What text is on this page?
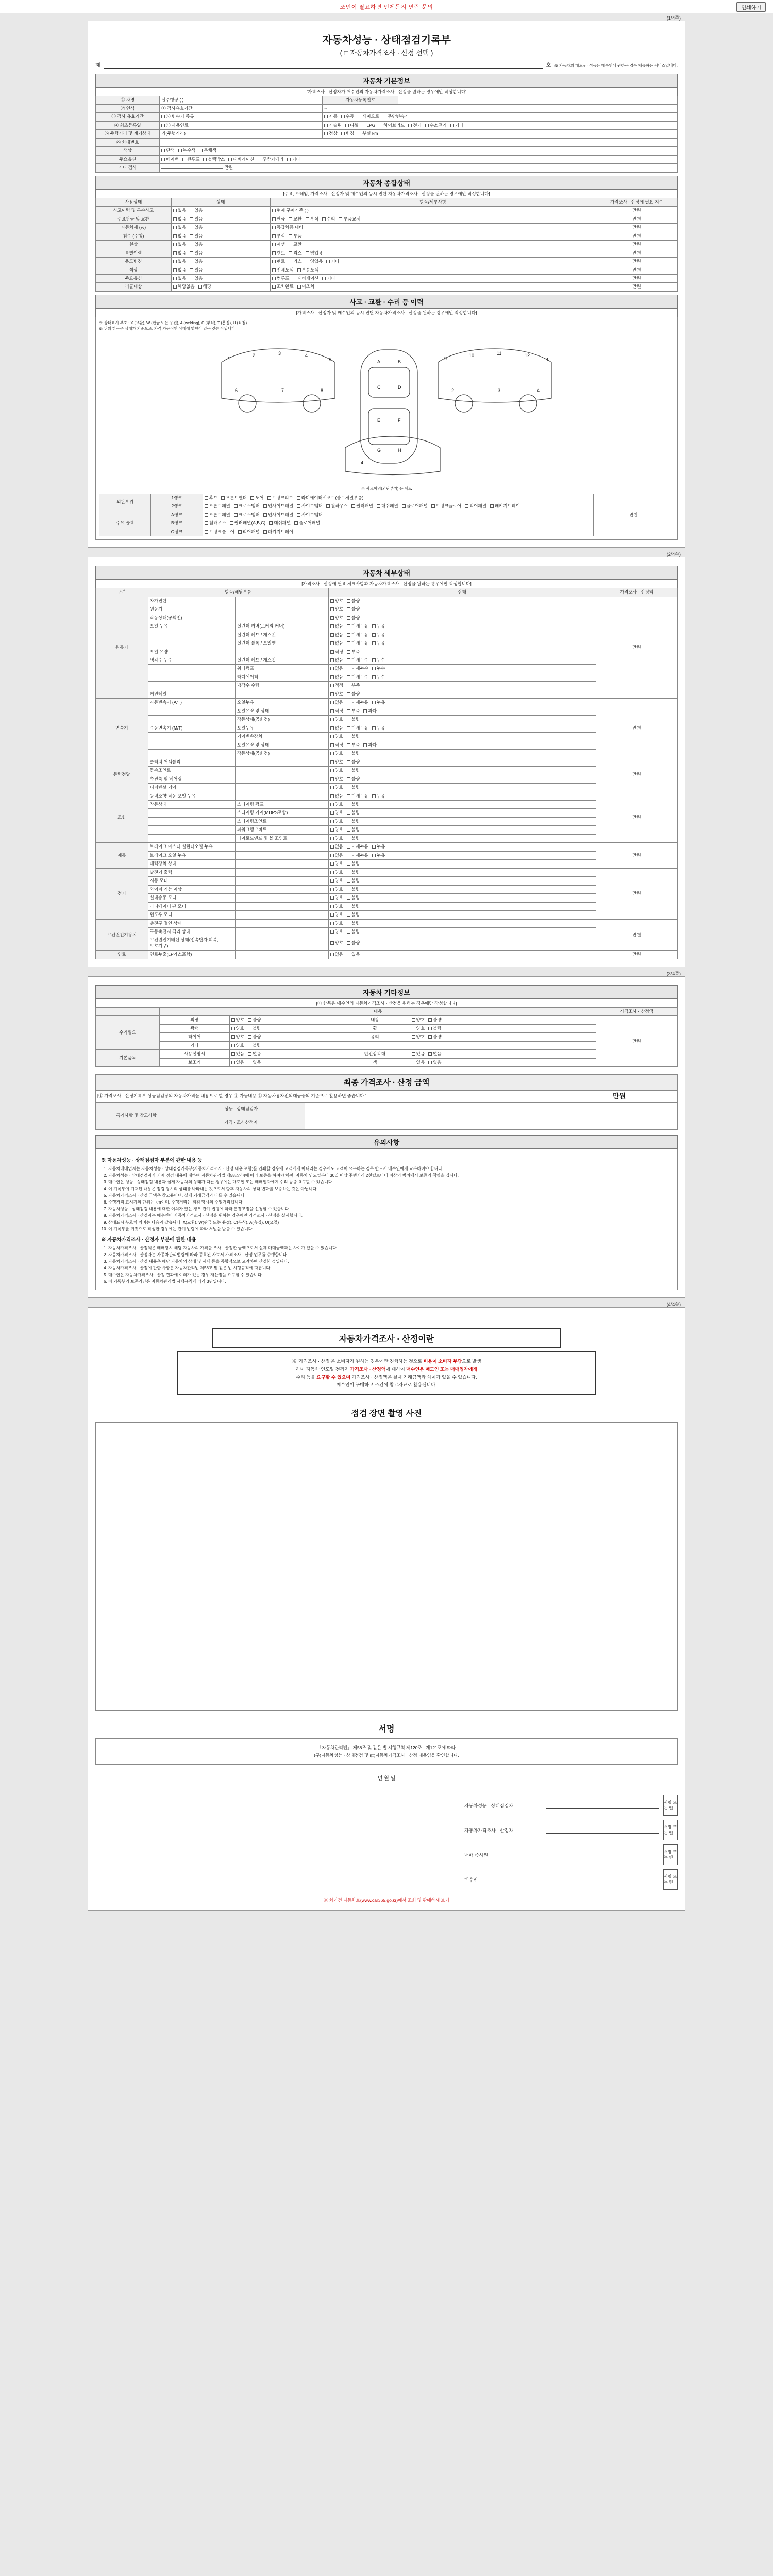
조언이 필요하면 언제든지 연락 문의	인쇄하기
(1/4쪽)
자동차성능 · 상태점검기록부
( □ 자동차가격조사 · 산정 선택 )
제	호 ※ 자동차의 매도le · 성능은 매수인에 원하는 경우 제공하는 서비스입니다.
자동차 기본정보
[가격조사 · 산정자가 매수인의 자동차가격조사 · 산정을 원하는 경우에만 작성합니다]
① 차명	실주행량 ( )	자동차등록번호	
② 연식	① 검사유효기간	~	
③ 검사 유효기간	② 변속기 종류	자동 수동 세미오토 무단변속기	
④ 최초등록일	③ 사용연료	가솔린 디젤 LPG 하이브리드 전기 수소전기 기타	
⑤ 주행거리 및 계기상태	리(주행거리)	정상 변경 부실 km	
⑥ 차대번호			
색상	단색 복수색 무채색		
주요옵션	에어백 썬루프 블랙박스 내비게이션 후방카메라 기타		
기타 검사	만원		
자동차 종합상태
[주요, 프레임, 가격조사 · 산정자 및 매수인의 동시 진단 자동차가격조사 · 산정을 원하는 경우에만 작성합니다]
사용상태	상태	항목/세부사항	가격조사 · 산정에 필요 지수
사고이력 및 특수사고	없음 있음	현재 구매기준 ( )	만원
주요판금 및 교환	없음 있음	판금 교환 부식 수리 부품교체	만원
자동차세 (%)	없음 있음	동급차종 대비	만원
침수 (주행)	없음 있음	부식 부품	만원
현상	없음 있음	재생 교환	만원
특별이력	없음 있음	렌트 리스 영업용	만원
용도변경	없음 있음	렌트 리스 영업용 기타	만원
색상	없음 있음	전체도색 부분도색	만원
주요옵션	없음 있음	썬루프 내비게이션 기타	만원
리콜대상	해당없음 해당	조치완료 미조치	만원
사고 · 교환 · 수리 등 이력
[가격조사 · 산정자 및 매수인의 동시 진단 자동차가격조사 · 산정을 원하는 경우에만 작성합니다]
※ 상태표시 부호 : X (교환), W (판금 또는 용접), A (welding), C (부식), T (흠집), U (요철)
※ 위의 항목은 상태가 기준으로, 가격 가능적인 상태에 영향이 있는 것은 아닙니다.
1
2	3	4
5
6	7	8
A	B
C	D
E	F
G	H
9
10	11	12
1
2	3	4
4
※ 사고이력(외판부위) 등 체크
외판부위	1랭크	후드 프론트펜더 도어 트렁크리드 라디에이터서포트(볼트체결부품)	만원
	2랭크	프론트패널 크로스멤버 인사이드패널 사이드멤버 휠하우스 필러패널 대쉬패널 플로어패널 트렁크플로어 리어패널 패키지트레이	
주요 골격	A랭크	프론트패널 크로스멤버 인사이드패널 사이드멤버	
	B랭크	휠하우스 필러패널(A,B,C) 대쉬패널 플로어패널	
	C랭크	트렁크플로어 리어패널 패키지트레이	
(2/4쪽)
자동차 세부상태
[가격조사 · 산정에 필요 체크사항과 자동차가격조사 · 산정을 원하는 경우에만 작성합니다]
구분	항목/해당부품		상태	가격조사 · 산정액
원동기	자가진단		양호 불량	만원
	원동기		양호 불량	
	작동상태(공회전)		양호 불량	
	오일 누유	실린더 커버(로커암 커버)	없음 미세누유 누유	
		실린더 헤드 / 개스킷	없음 미세누유 누유	
		실린더 블록 / 오일팬	없음 미세누유 누유	
	오일 유량		적정 부족	
	냉각수 누수	실린더 헤드 / 개스킷	없음 미세누수 누수	
		워터펌프	없음 미세누수 누수	
		라디에이터	없음 미세누수 누수	
		냉각수 수량	적정 부족	
	커먼레일		양호 불량	
변속기	자동변속기 (A/T)	오일누유	없음 미세누유 누유	만원
		오일유량 및 상태	적정 부족 과다	
		작동상태(공회전)	양호 불량	
	수동변속기 (M/T)	오일누유	없음 미세누유 누유	
		기어변속장치	양호 불량	
		오일유량 및 상태	적정 부족 과다	
		작동상태(공회전)	양호 불량	
동력전달	클러치 어셈블리		양호 불량	만원
	등속조인트		양호 불량	
	추진축 및 베어링		양호 불량	
	디퍼렌셜 기어		양호 불량	
조향	동력조향 작동 오일 누유		없음 미세누유 누유	만원
	작동상태	스티어링 펌프	양호 불량	
		스티어링 기어(MDPS포함)	양호 불량	
		스티어링조인트	양호 불량	
		파워크랭크비트	양호 불량	
		타이로드엔드 및 볼 조인트	양호 불량	
제동	브레이크 마스터 실린더오일 누유		없음 미세누유 누유	만원
	브레이크 오일 누유		없음 미세누유 누유	
	배력장치 상태		양호 불량	
전기	발전기 출력		양호 불량	만원
	시동 모터		양호 불량	
	와이퍼 기능 이상		양호 불량	
	실내송풍 모터		양호 불량	
	라디에이터 팬 모터		양호 불량	
	윈도우 모터		양호 불량	
고전원전기장치	충전구 절연 상태		양호 불량	만원
	구동축전지 격리 상태		양호 불량	
	고전원전기배선 상태(접속단자,피복,보호기구)		양호 불량	
연료	연료누출(LP가스포함)		없음 있음	만원
(3/4쪽)
자동차 기타정보
[① 항목은 매수인의 자동차가격조사 · 산정을 원하는 경우에만 작성합니다]
	내용				가격조사 · 산정액
수리필요	외장	양호 불량	내장	양호 불량	만원
	광택	양호 불량	휠	양호 불량	
	타이어	양호 불량	유리	양호 불량	
	기타	양호 불량			
기본품목	사용설명서	있음 없음	안전삼각대	있음 없음	
	보조키	있음 없음	잭	있음 없음	
최종 가격조사 · 산정 금액
[① 가격조사 · 산정기록부 성능점검장의 자동차가격을 내용으로 할 경우 ① 가능내용 ① 자동차용자전의대금중의 기준으로 활용하면 좋습니다.]	만원
특기사항 및 참고사항	성능 · 상태점검자	
	가격 · 조사산정자	
유의사항
※ 자동차성능 · 상태점검자 부분에 관한 내용 등
1. 자동차매매업자는 자동차성능 · 상태점검기록부(자동차가격조사 · 산정 내용 포함)를 인쇄할 경우에 고객에게 아니라는 경우에도 고객이 요구하는 경우 반드시 매수인에게 교부하여야 합니다.
2. 자동차성능 · 상태점검자가 기재 점검 내용에 대하여 자동차관리법 제58조의4에 따라 보증을 하여야 하며, 자동차 인도일부터 30일 이상 주행거리 2천킬로미터 이상의 범위에서 보증의 책임을 집니다.
3. 매수인은 성능 · 상태점검 내용과 실제 자동차의 상태가 다른 경우에는 매도인 또는 매매업자에게 수리 등을 요구할 수 있습니다.
4. 이 기록부에 기재된 내용은 점검 당시의 상태를 나타내는 것으로서 향후 자동차의 상태 변화를 보증하는 것은 아닙니다.
5. 자동차가격조사 · 산정 금액은 참고용이며, 실제 거래금액과 다를 수 있습니다.
6. 주행거리 표시기의 단위는 km이며, 주행거리는 점검 당시의 주행거리입니다.
7. 자동차성능 · 상태점검 내용에 대한 이의가 있는 경우 관계 법령에 따라 분쟁조정을 신청할 수 있습니다.
8. 자동차가격조사 · 산정자는 매수인이 자동차가격조사 · 산정을 원하는 경우에만 가격조사 · 산정을 실시합니다.
9. 상태표시 부호의 의미는 다음과 같습니다. X(교환), W(판금 또는 용접), C(부식), A(흠집), U(요철)
10. 이 기록부를 거짓으로 작성한 경우에는 관계 법령에 따라 처벌을 받을 수 있습니다.
※ 자동차가격조사 · 산정자 부분에 관한 내용
1. 자동차가격조사 · 산정액은 매매당시 해당 자동차의 가격을 조사 · 산정한 금액으로서 실제 매매금액과는 차이가 있을 수 있습니다.
2. 자동차가격조사 · 산정자는 자동차관리법령에 따라 등록된 자로서 가격조사 · 산정 업무를 수행합니다.
3. 자동차가격조사 · 산정 내용은 해당 자동차의 상태 및 시세 등을 종합적으로 고려하여 산정한 것입니다.
4. 자동차가격조사 · 산정에 관한 사항은 자동차관리법 제58조 및 같은 법 시행규칙에 따릅니다.
5. 매수인은 자동차가격조사 · 산정 결과에 이의가 있는 경우 재산정을 요구할 수 있습니다.
6. 이 기록부의 보존기간은 자동차관리법 시행규칙에 따라 3년입니다.
(4/4쪽)
자동차가격조사 · 산정이란
※ '가격조사 · 산정'은 소비자가 원하는 경우에만 진행하는 것으로 비용이 소비자 부담으로 발생
하며 자동차 인도일 전까지 가격조사 · 산정액에 대하여 매수인은 매도인 또는 매매업자에게
수리 등을 요구할 수 있으며 가격조사 · 산정액은 실제 거래금액과 차이가 있을 수 있습니다.
매수인이 구매하고 조건에 참고자료로 활용됩니다.
점검 장면 촬영 사진
서명
「자동차관리법」 제58조 및 같은 법 시행규칙 제120조 · 제121조에 따라
(구)자동차성능 · 상태점검 및 (□)자동차가격조사 · 산정 내용임을 확인합니다.
년 월 일
자동차성능 · 상태점검자
서명 또는 인
자동차가격조사 · 산정자
서명 또는 인
매매 종사원
서명 또는 인
매수인
서명 또는 인
※ 차가건 자동차보(www.car365.go.kr)에서 조회 및 판매하세 보기
